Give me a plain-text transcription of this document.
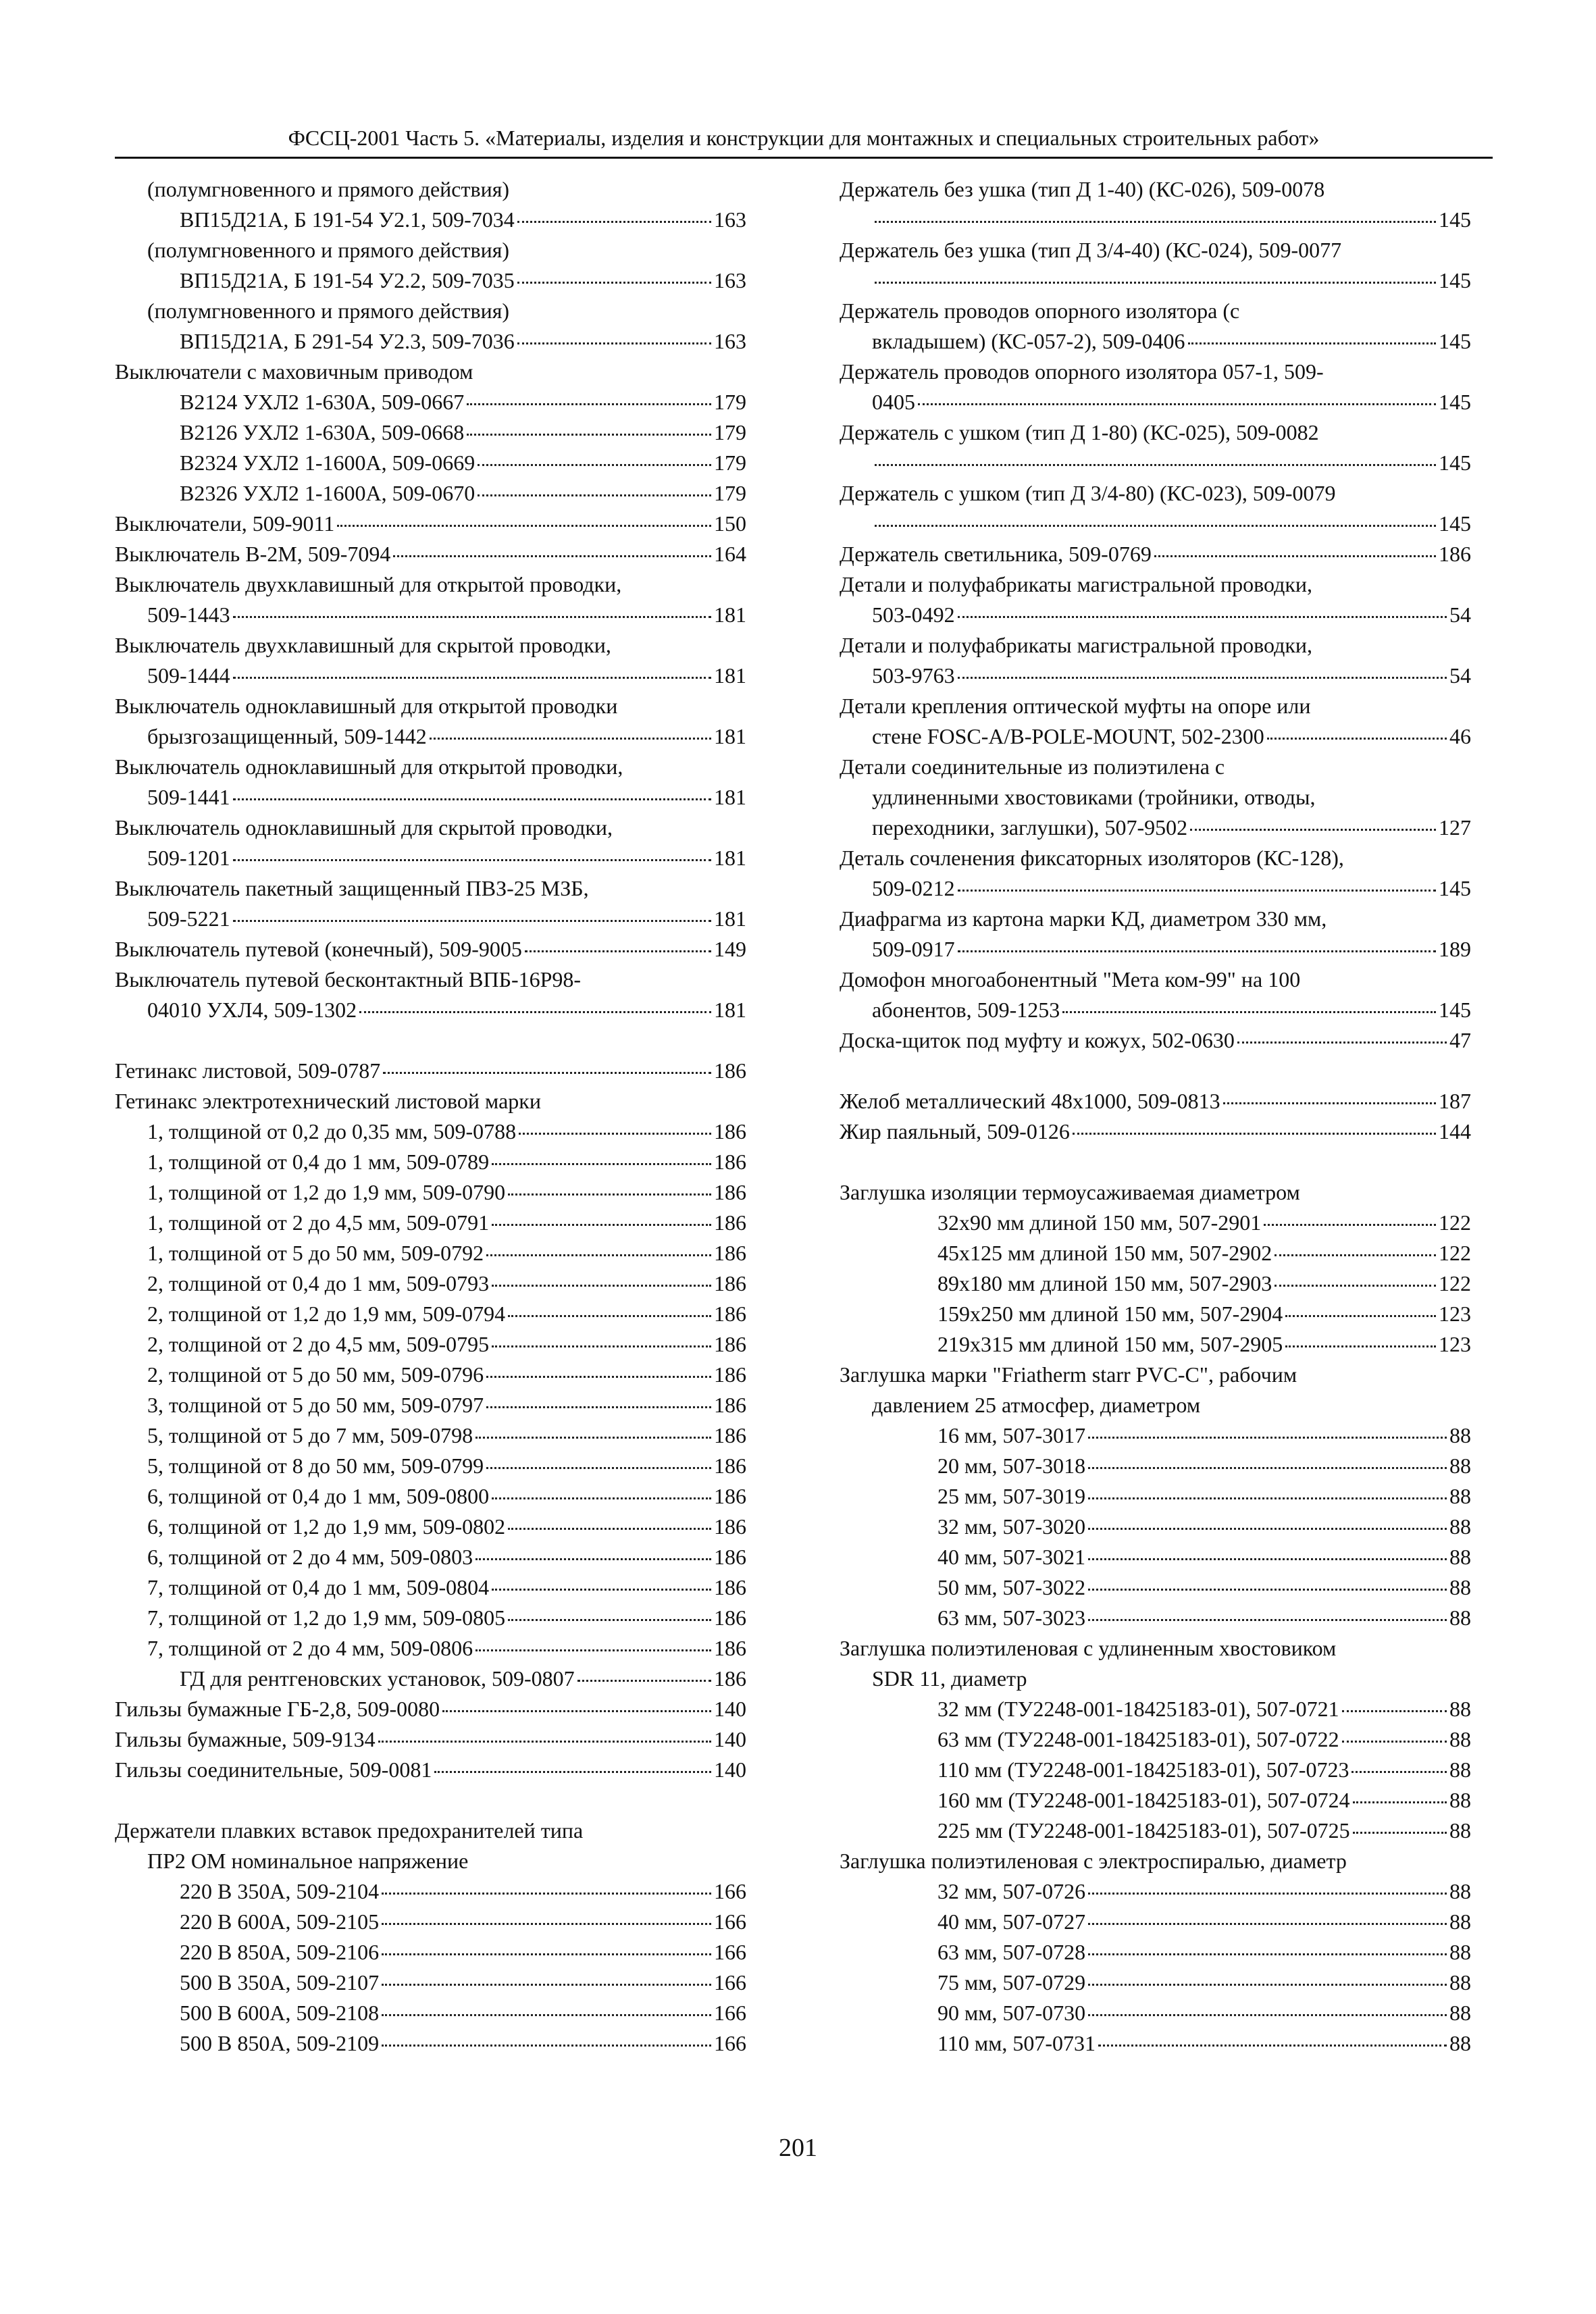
ФССЦ-2001 Часть 5. «Материалы, изделия и конструкции для монтажных и специальных строительных работ»
(полумгновенного и прямого действия)
ВП15Д21А, Б 191-54 У2.1, 509-7034	163
(полумгновенного и прямого действия)
ВП15Д21А, Б 191-54 У2.2, 509-7035	163
(полумгновенного и прямого действия)
ВП15Д21А, Б 291-54 У2.3, 509-7036	163
Выключатели с маховичным приводом
В2124 УХЛ2 1-630А, 509-0667	179
В2126 УХЛ2 1-630А, 509-0668	179
В2324 УХЛ2 1-1600А, 509-0669	179
В2326 УХЛ2 1-1600А, 509-0670	179
Выключатели, 509-9011	150
Выключатель В-2М, 509-7094	164
Выключатель двухклавишный для открытой проводки,
509-1443	181
Выключатель двухклавишный для скрытой проводки,
509-1444	181
Выключатель одноклавишный для открытой проводки
брызгозащищенный, 509-1442	181
Выключатель одноклавишный для открытой проводки,
509-1441	181
Выключатель одноклавишный для скрытой проводки,
509-1201	181
Выключатель пакетный защищенный ПВЗ-25 МЗБ,
509-5221	181
Выключатель путевой (конечный), 509-9005	149
Выключатель путевой бесконтактный ВПБ-16Р98-
04010 УХЛ4, 509-1302	181
Гетинакс листовой, 509-0787	186
Гетинакс электротехнический листовой марки
1, толщиной от 0,2 до 0,35 мм, 509-0788	186
1, толщиной от 0,4 до 1 мм, 509-0789	186
1, толщиной от 1,2 до 1,9 мм, 509-0790	186
1, толщиной от 2 до 4,5 мм, 509-0791	186
1, толщиной от 5 до 50 мм, 509-0792	186
2, толщиной от 0,4 до 1 мм, 509-0793	186
2, толщиной от 1,2 до 1,9 мм, 509-0794	186
2, толщиной от 2 до 4,5 мм, 509-0795	186
2, толщиной от 5 до 50 мм, 509-0796	186
3, толщиной от 5 до 50 мм, 509-0797	186
5, толщиной от 5 до 7 мм, 509-0798	186
5, толщиной от 8 до 50 мм, 509-0799	186
6, толщиной от 0,4 до 1 мм, 509-0800	186
6, толщиной от 1,2 до 1,9 мм, 509-0802	186
6, толщиной от 2 до 4 мм, 509-0803	186
7, толщиной от 0,4 до 1 мм, 509-0804	186
7, толщиной от 1,2 до 1,9 мм, 509-0805	186
7, толщиной от 2 до 4 мм, 509-0806	186
ГД для рентгеновских установок, 509-0807	186
Гильзы бумажные ГБ-2,8, 509-0080	140
Гильзы бумажные, 509-9134	140
Гильзы соединительные, 509-0081	140
Держатели плавких вставок предохранителей типа
ПР2 ОМ номинальное напряжение
220 В 350А, 509-2104	166
220 В 600А, 509-2105	166
220 В 850А, 509-2106	166
500 В 350А, 509-2107	166
500 В 600А, 509-2108	166
500 В 850А, 509-2109	166
Держатель без ушка (тип Д 1-40) (КС-026), 509-0078
145
Держатель без ушка (тип Д 3/4-40) (КС-024), 509-0077
145
Держатель проводов опорного изолятора (с
вкладышем) (КС-057-2), 509-0406	145
Держатель проводов опорного изолятора 057-1, 509-
0405	145
Держатель с ушком (тип Д 1-80) (КС-025), 509-0082
145
Держатель с ушком (тип Д 3/4-80) (КС-023), 509-0079
145
Держатель светильника, 509-0769	186
Детали и полуфабрикаты магистральной проводки,
503-0492	54
Детали и полуфабрикаты магистральной проводки,
503-9763	54
Детали крепления оптической муфты на опоре или
стене FOSC-A/B-POLE-MOUNT, 502-2300	46
Детали соединительные из полиэтилена с
удлиненными хвостовиками (тройники, отводы,
переходники, заглушки), 507-9502	127
Деталь сочленения фиксаторных изоляторов (КС-128),
509-0212	145
Диафрагма из картона марки КД, диаметром 330 мм,
509-0917	189
Домофон многоабонентный "Мета ком-99" на 100
абонентов, 509-1253	145
Доска-щиток под муфту и кожух, 502-0630	47
Желоб металлический 48х1000, 509-0813	187
Жир паяльный, 509-0126	144
Заглушка изоляции термоусаживаемая диаметром
32х90 мм длиной 150 мм, 507-2901	122
45х125 мм длиной 150 мм, 507-2902	122
89х180 мм длиной 150 мм, 507-2903	122
159х250 мм длиной 150 мм, 507-2904	123
219х315 мм длиной 150 мм, 507-2905	123
Заглушка марки "Friatherm starr PVC-C", рабочим
давлением 25 атмосфер, диаметром
16 мм, 507-3017	88
20 мм, 507-3018	88
25 мм, 507-3019	88
32 мм, 507-3020	88
40 мм, 507-3021	88
50 мм, 507-3022	88
63 мм, 507-3023	88
Заглушка полиэтиленовая с удлиненным хвостовиком
SDR 11, диаметр
32 мм (ТУ2248-001-18425183-01), 507-0721	88
63 мм (ТУ2248-001-18425183-01), 507-0722	88
110 мм (ТУ2248-001-18425183-01), 507-0723	88
160 мм (ТУ2248-001-18425183-01), 507-0724	88
225 мм (ТУ2248-001-18425183-01), 507-0725	88
Заглушка полиэтиленовая с электроспиралью, диаметр
32 мм, 507-0726	88
40 мм, 507-0727	88
63 мм, 507-0728	88
75 мм, 507-0729	88
90 мм, 507-0730	88
110 мм, 507-0731	88
201
